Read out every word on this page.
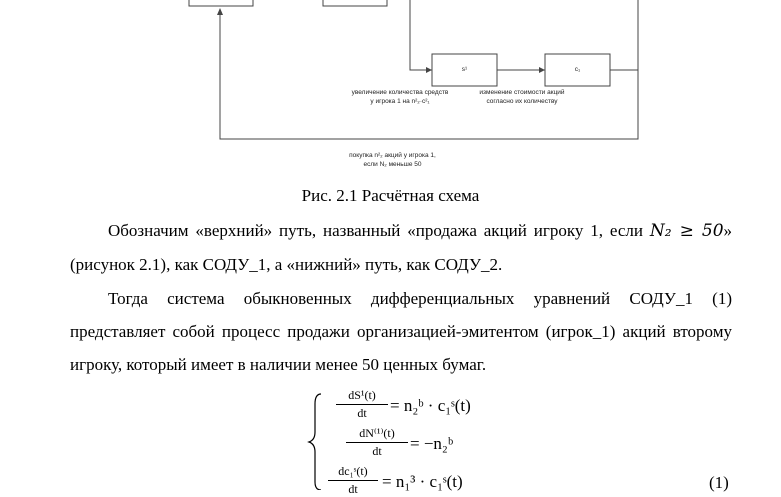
s¹	c₁
увеличение количества средств
у игрока 1 на n²₂·c²₁
изменение стоимости акций
согласно их количеству
покупка n²₂ акций у игрока 1,
если N₂ меньше 50
Рис. 2.1 Расчётная схема
Обозначим «верхний» путь, названный «продажа акций игроку 1, если N₂ ≥ 50» (рисунок 2.1), как СОДУ_1, а «нижний» путь, как СОДУ_2.
Тогда система обыкновенных дифференциальных уравнений СОДУ_1 (1) представляет собой процесс продажи организацией-эмитентом (игрок_1) акций второму игроку, который имеет в наличии менее 50 ценных бумаг.
$\frac{\text{dS¹(t)}}{dt}$ = n₂ᵇ · c₁ˢ(t)
$\frac{\text{dN⁽¹⁾(t)}}{dt}$ = −n₂ᵇ
$\frac{\text{dc₁ˢ(t)}}{dt} = n_1^3$ · c₁ˢ(t)	(1)
